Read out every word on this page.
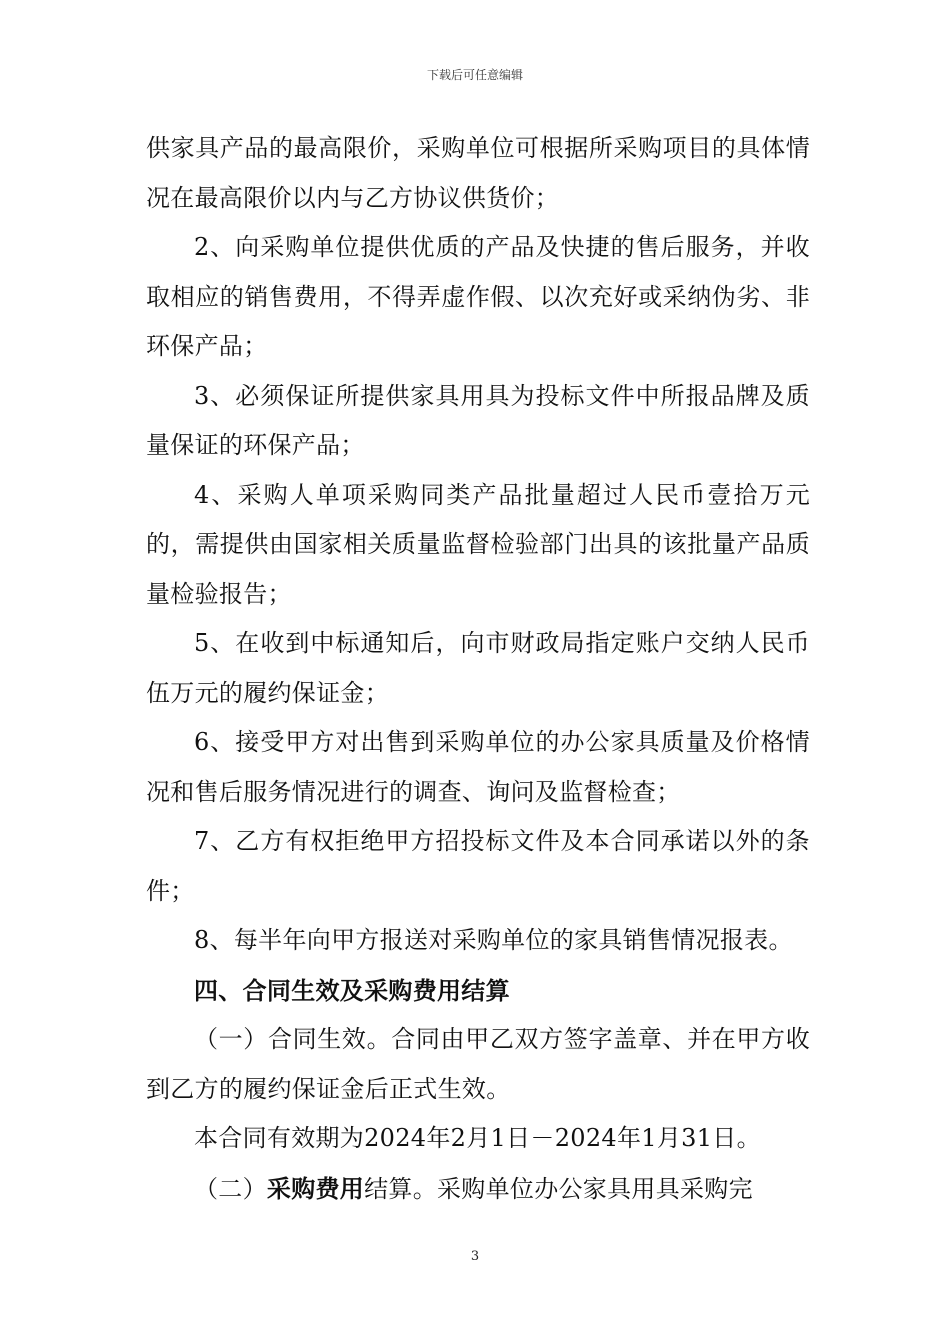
下载后可任意编辑

供家具产品的最高限价，采购单位可根据所采购项目的具体情况在最高限价以内与乙方协议供货价；

2、向采购单位提供优质的产品及快捷的售后服务，并收取相应的销售费用，不得弄虚作假、以次充好或采纳伪劣、非环保产品；

3、必须保证所提供家具用具为投标文件中所报品牌及质量保证的环保产品；

4、采购人单项采购同类产品批量超过人民币壹拾万元的，需提供由国家相关质量监督检验部门出具的该批量产品质量检验报告；

5、在收到中标通知后，向市财政局指定账户交纳人民币伍万元的履约保证金；

6、接受甲方对出售到采购单位的办公家具质量及价格情况和售后服务情况进行的调查、询问及监督检查；

7、乙方有权拒绝甲方招投标文件及本合同承诺以外的条件；

8、每半年向甲方报送对采购单位的家具销售情况报表。

四、合同生效及采购费用结算

（一）合同生效。合同由甲乙双方签字盖章、并在甲方收到乙方的履约保证金后正式生效。

本合同有效期为2024年2月1日－2024年1月31日。

（二）采购费用结算。采购单位办公家具用具采购完

3
